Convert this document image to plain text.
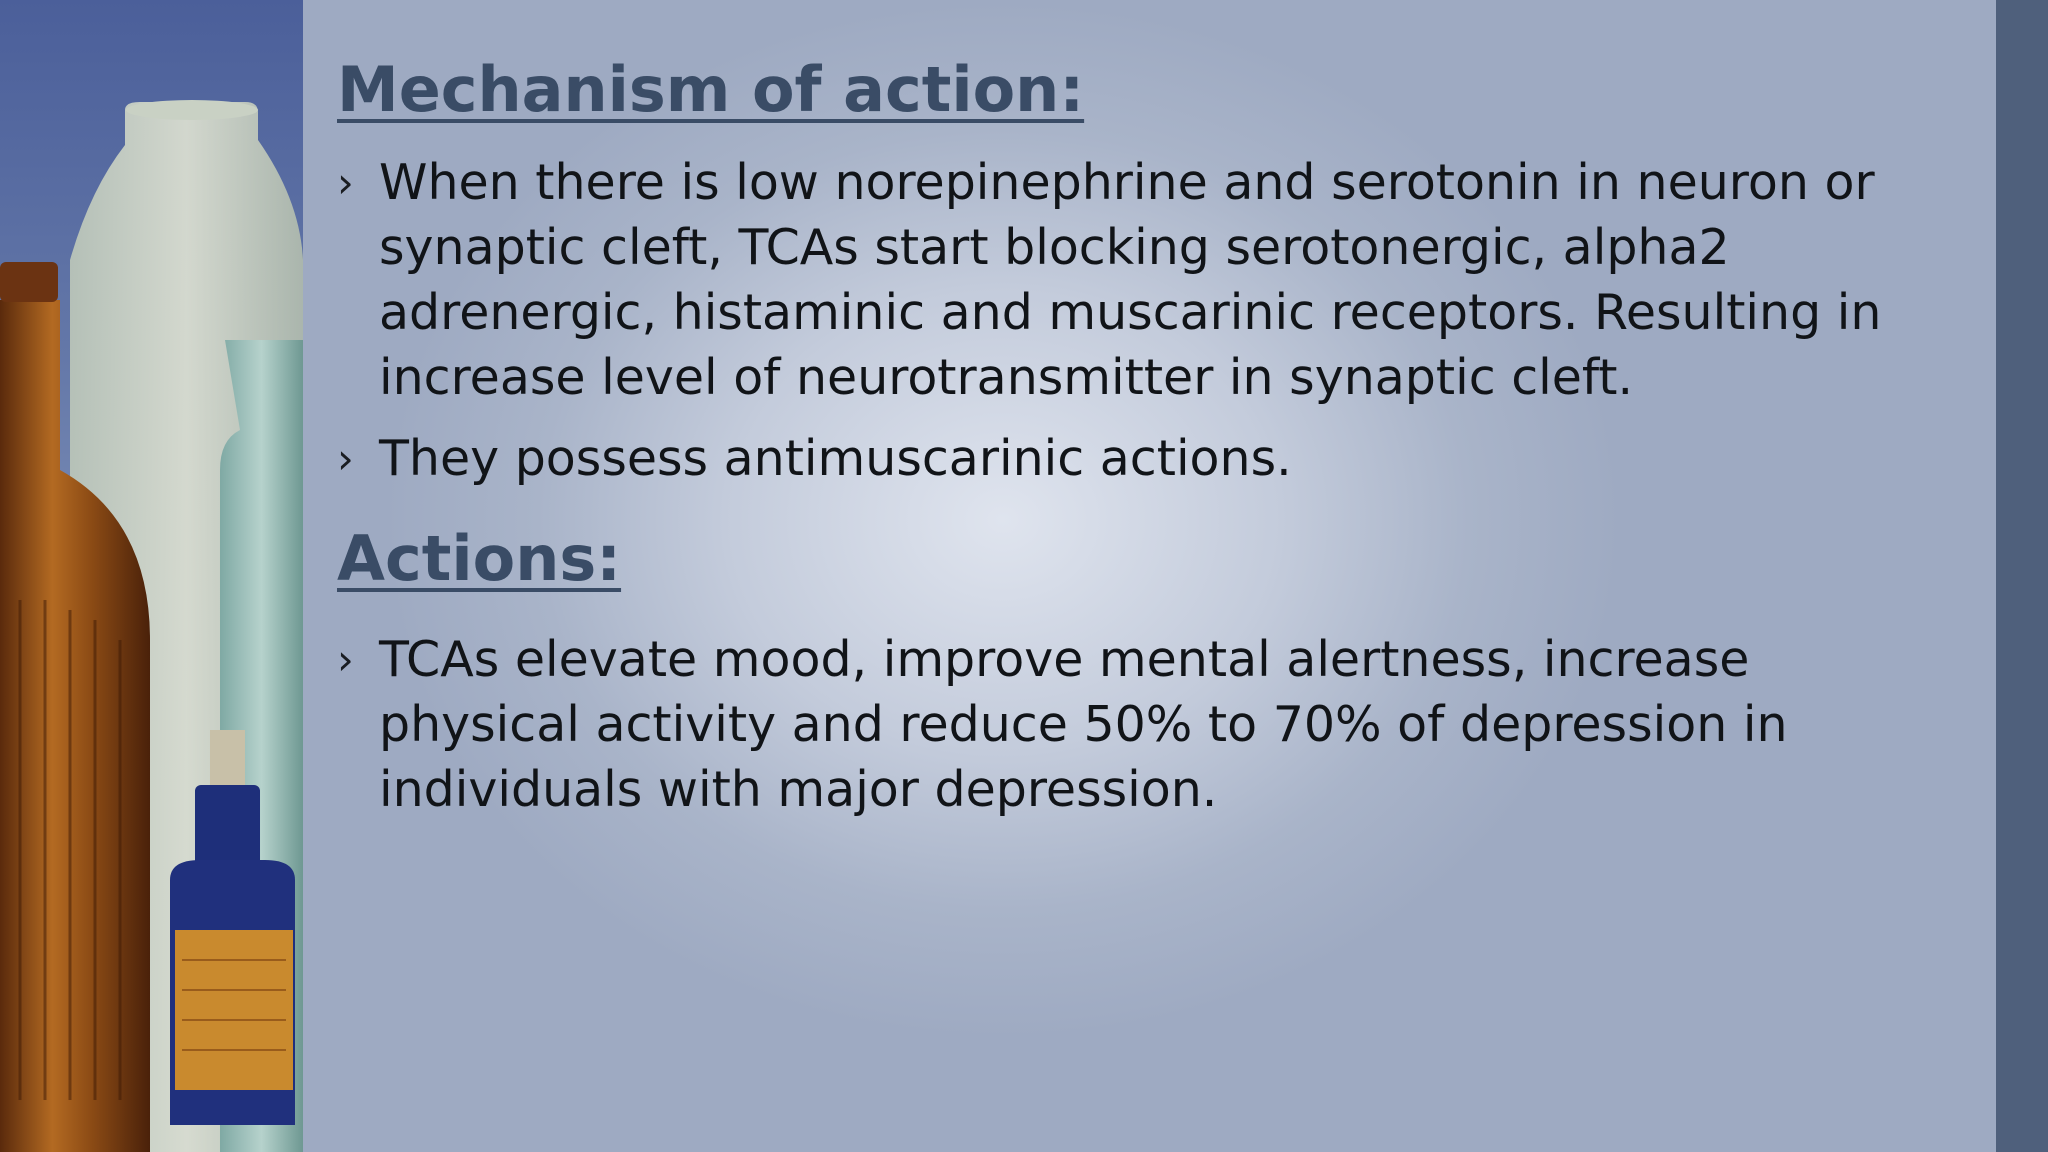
Mechanism of action:
› When there is low norepinephrine and serotonin in neuron or synaptic cleft, TCAs start blocking serotonergic, alpha2 adrenergic, histaminic and muscarinic receptors. Resulting in increase level of neurotransmitter in synaptic cleft.
› They possess antimuscarinic actions.
Actions:
› TCAs elevate mood, improve mental alertness, increase physical activity and reduce 50% to 70% of depression in individuals with major depression.
